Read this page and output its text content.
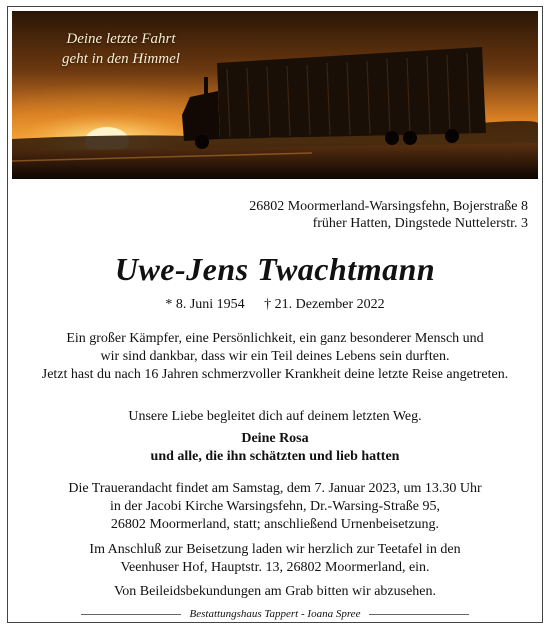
Deine letzte Fahrt
geht in den Himmel
26802 Moormerland-Warsingsfehn, Bojerstraße 8
früher Hatten, Dingstede Nuttelerstr. 3
Uwe-Jens Twachtmann
* 8. Juni 1954 † 21. Dezember 2022
Ein großer Kämpfer, eine Persönlichkeit, ein ganz besonderer Mensch und
wir sind dankbar, dass wir ein Teil deines Lebens sein durften.
Jetzt hast du nach 16 Jahren schmerzvoller Krankheit deine letzte Reise angetreten.
Unsere Liebe begleitet dich auf deinem letzten Weg.
Deine Rosa
und alle, die ihn schätzten und lieb hatten
Die Trauerandacht findet am Samstag, dem 7. Januar 2023, um 13.30 Uhr
in der Jacobi Kirche Warsingsfehn, Dr.-Warsing-Straße 95,
26802 Moormerland, statt; anschließend Urnenbeisetzung.
Im Anschluß zur Beisetzung laden wir herzlich zur Teetafel in den
Veenhuser Hof, Hauptstr. 13, 26802 Moormerland, ein.
Von Beileidsbekundungen am Grab bitten wir abzusehen.
Bestattungshaus Tappert - Ioana Spree
